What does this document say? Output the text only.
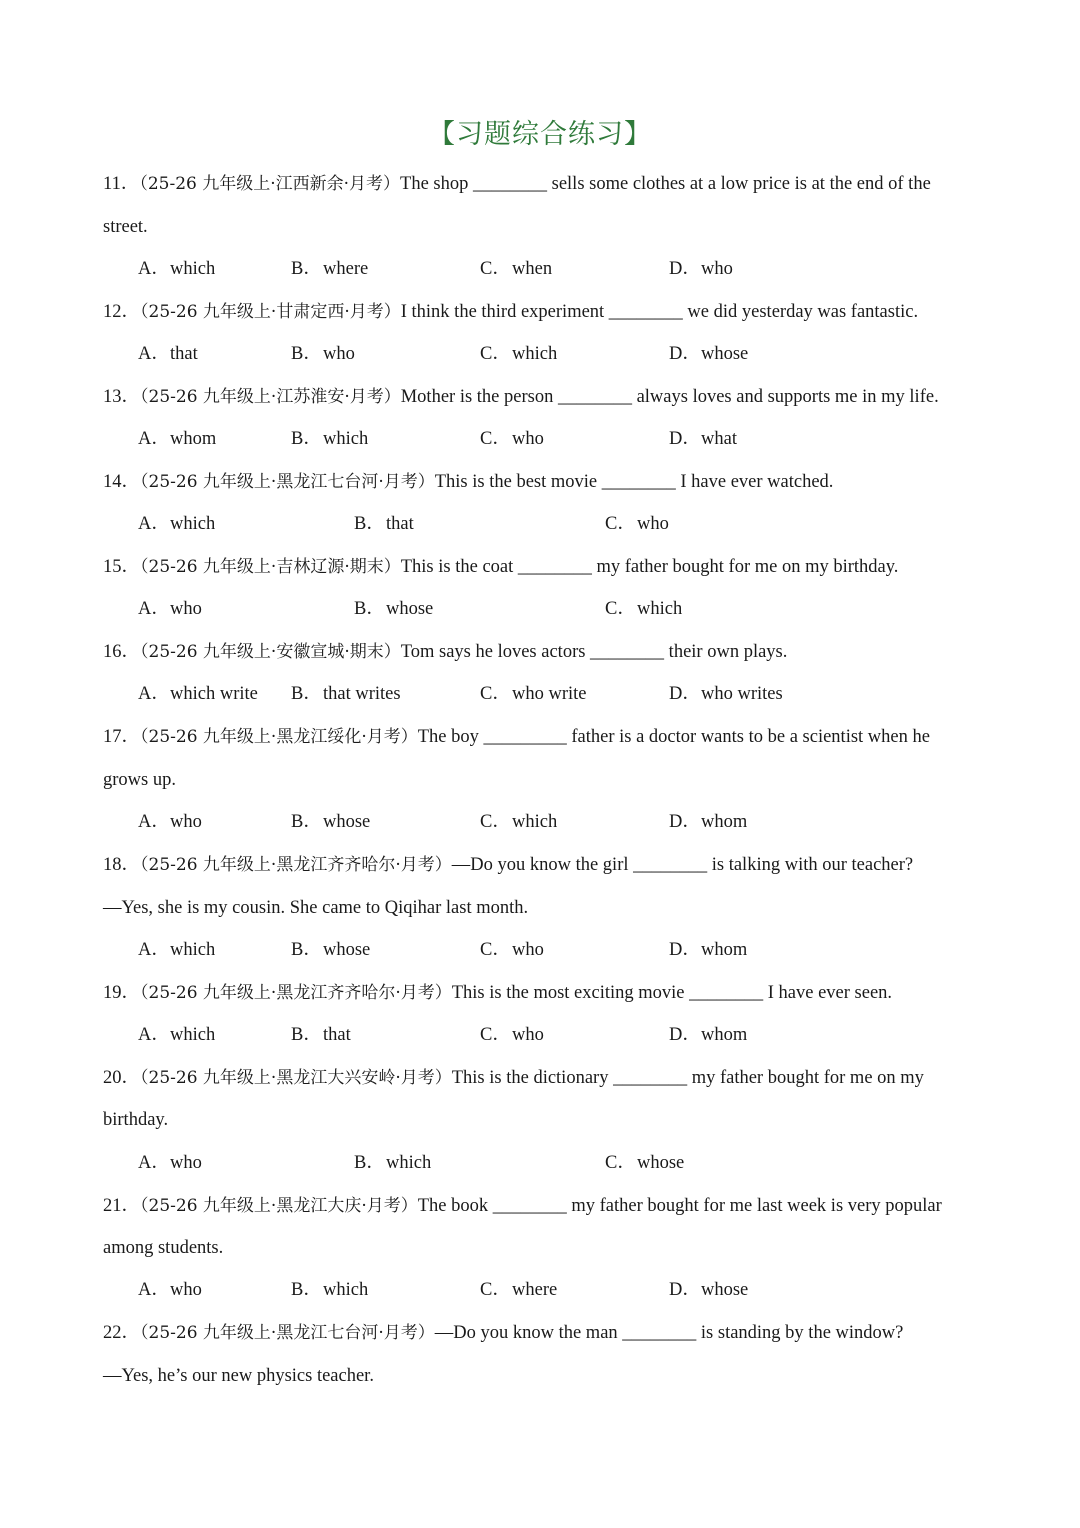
【习题综合练习】
11．（25-26 九年级上·江西新余·月考）The shop ________ sells some clothes at a low price is at the end of the
street.
A．which	B．where	C．when	D．who
12．（25-26 九年级上·甘肃定西·月考）I think the third experiment ________ we did yesterday was fantastic.
A．that	B．who	C．which	D．whose
13．（25-26 九年级上·江苏淮安·月考）Mother is the person ________ always loves and supports me in my life.
A．whom	B．which	C．who	D．what
14．（25-26 九年级上·黑龙江七台河·月考）This is the best movie ________ I have ever watched.
A．which	B．that	C．who
15．（25-26 九年级上·吉林辽源·期末）This is the coat ________ my father bought for me on my birthday.
A．who	B．whose	C．which
16．（25-26 九年级上·安徽宣城·期末）Tom says he loves actors ________ their own plays.
A．which write B．that writes	C．who write	D．who writes
17．（25-26 九年级上·黑龙江绥化·月考）The boy _________ father is a doctor wants to be a scientist when he
grows up.
A．who	B．whose	C．which	D．whom
18．（25-26 九年级上·黑龙江齐齐哈尔·月考）—Do you know the girl ________ is talking with our teacher?
—Yes, she is my cousin. She came to Qiqihar last month.
A．which	B．whose	C．who	D．whom
19．（25-26 九年级上·黑龙江齐齐哈尔·月考）This is the most exciting movie ________ I have ever seen.
A．which	B．that	C．who	D．whom
20．（25-26 九年级上·黑龙江大兴安岭·月考）This is the dictionary ________ my father bought for me on my
birthday.
A．who	B．which	C．whose
21．（25-26 九年级上·黑龙江大庆·月考）The book ________ my father bought for me last week is very popular
among students.
A．who	B．which	C．where	D．whose
22．（25-26 九年级上·黑龙江七台河·月考）—Do you know the man ________ is standing by the window?
—Yes, he’s our new physics teacher.
